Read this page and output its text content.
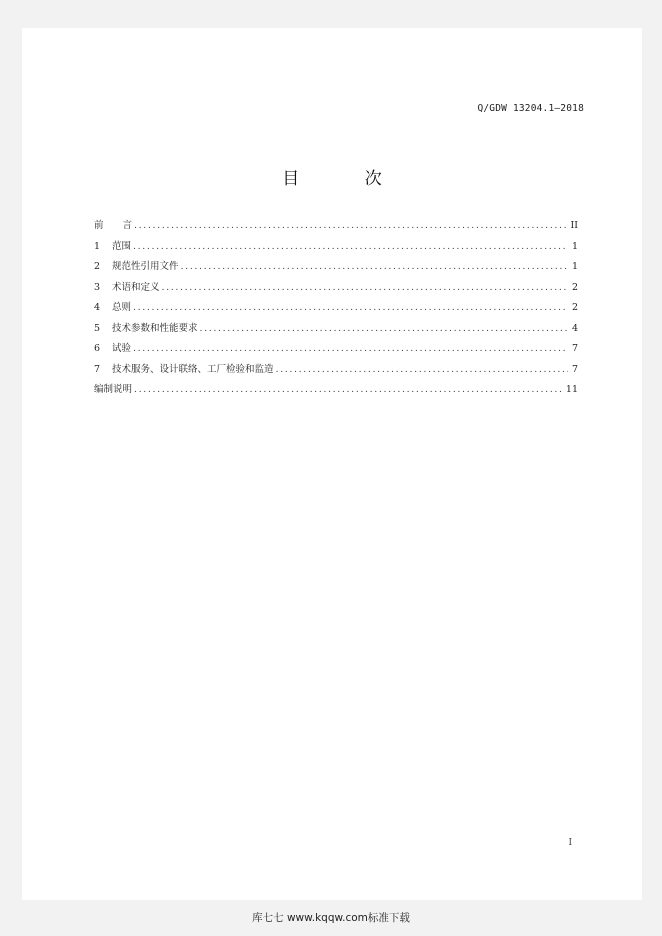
Q/GDW 13204.1—2018
目 次
前　　言 .....	II
1	范围 .....	1
2	规范性引用文件 .....	1
3	术语和定义 .....	2
4	总则 .....	2
5	技术参数和性能要求 .....	4
6	试验 .....	7
7	技术服务、设计联络、工厂检验和监造 .....	7
编制说明 .....	11
I
库七七 www.kqqw.com标准下载
